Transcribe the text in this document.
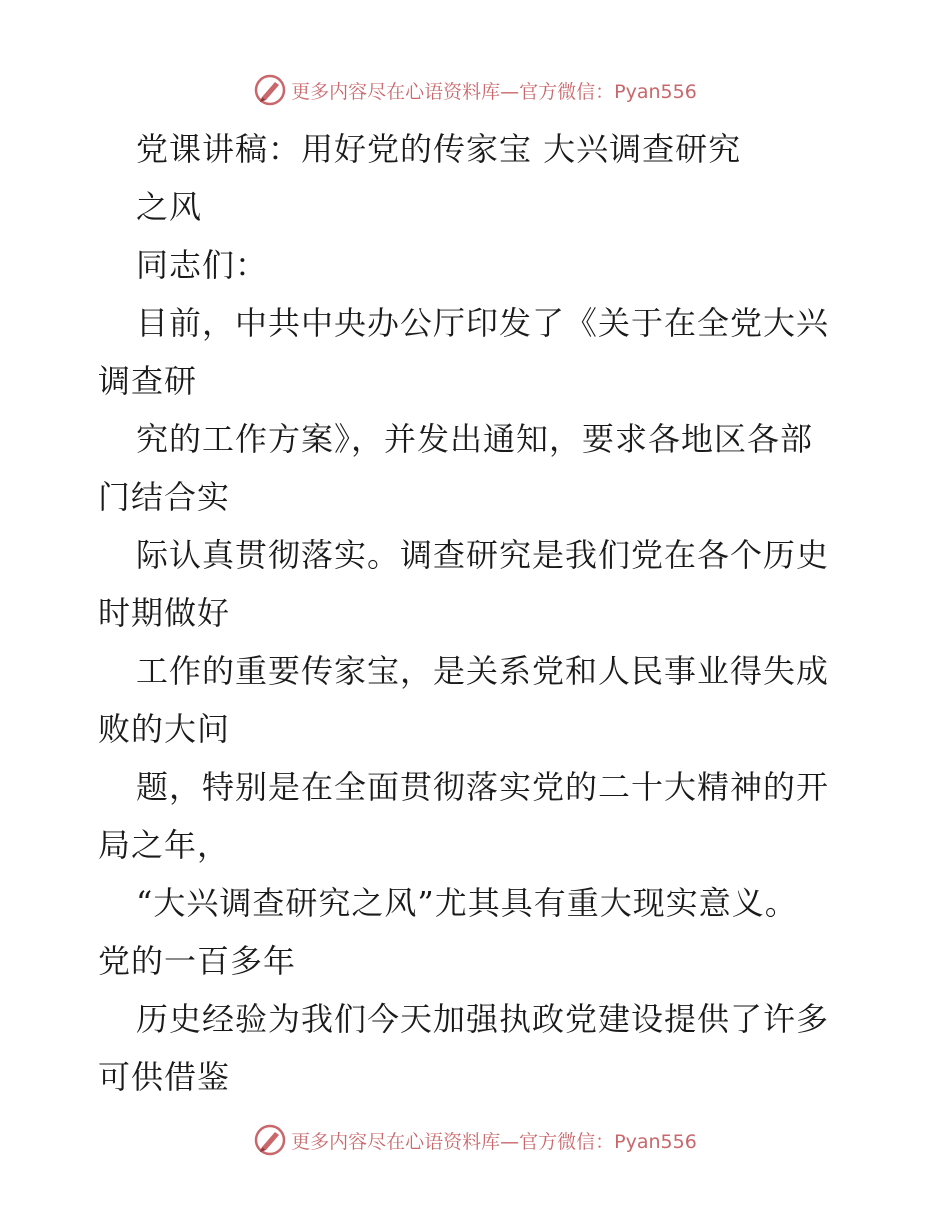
更多内容尽在心语资料库—官方微信：Pyan556
党课讲稿：用好党的传家宝 大兴调查研究
之风
同志们：
目前，中共中央办公厅印发了《关于在全党大兴
调查研
究的工作方案》，并发出通知，要求各地区各部
门结合实
际认真贯彻落实。调查研究是我们党在各个历史
时期做好
工作的重要传家宝，是关系党和人民事业得失成
败的大问
题，特别是在全面贯彻落实党的二十大精神的开
局之年，
“大兴调查研究之风”尤其具有重大现实意义。
党的一百多年
历史经验为我们今天加强执政党建设提供了许多
可供借鉴
更多内容尽在心语资料库—官方微信：Pyan556
